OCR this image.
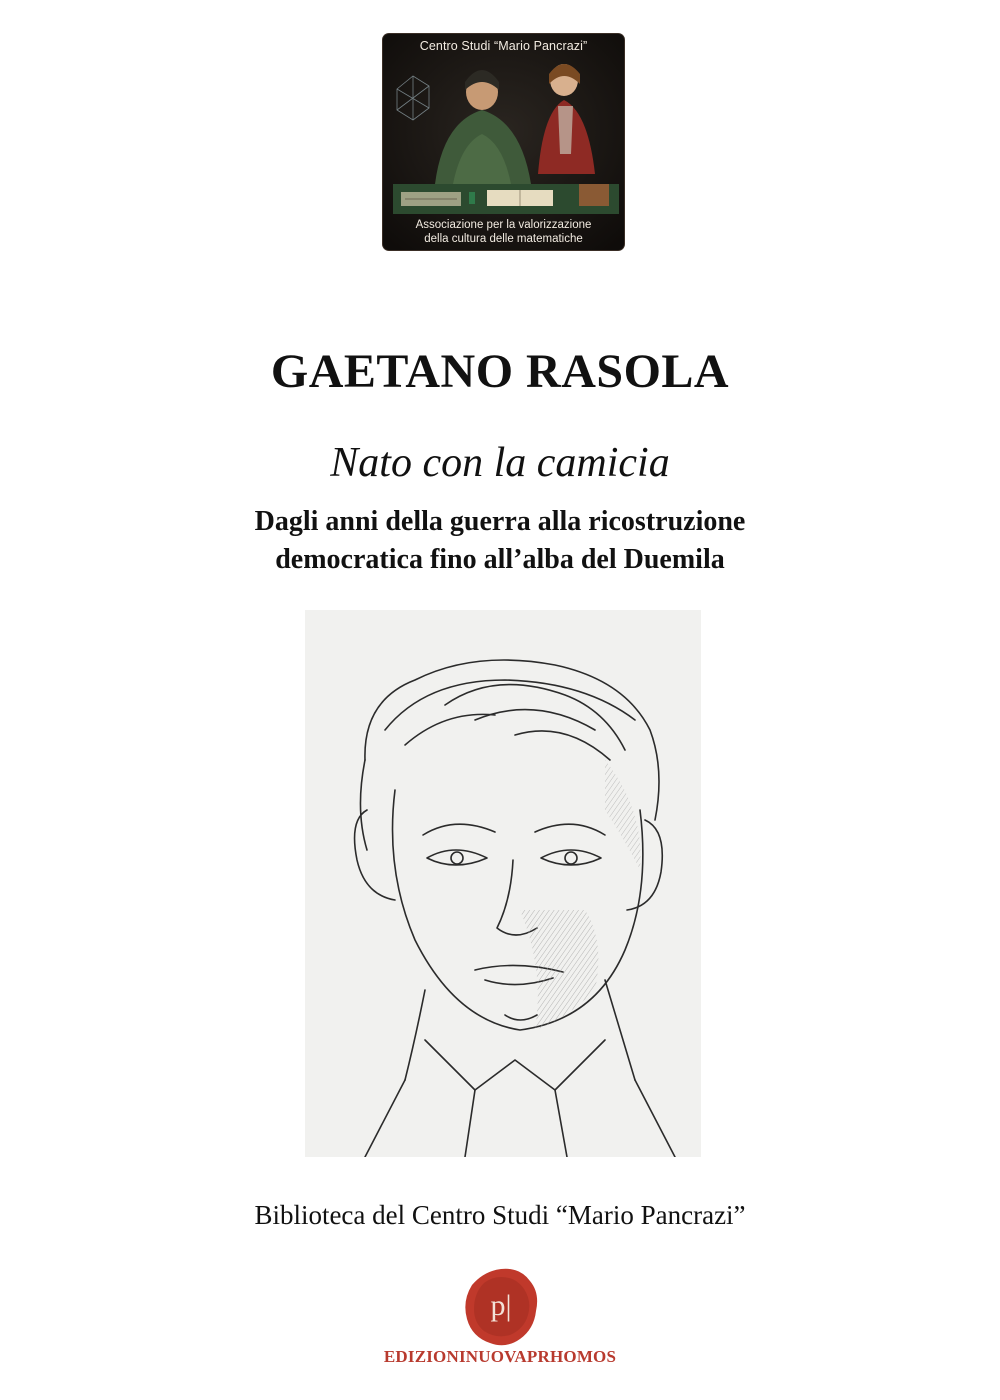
Centro Studi “Mario Pancrazi”
Associazione per la valorizzazione
della cultura delle matematiche
GAETANO RASOLA
Nato con la camicia
Dagli anni della guerra alla ricostruzione
democratica fino all’alba del Duemila
Biblioteca del Centro Studi “Mario Pancrazi”
p|
EDIZIONINUOVAPRHOMOS
